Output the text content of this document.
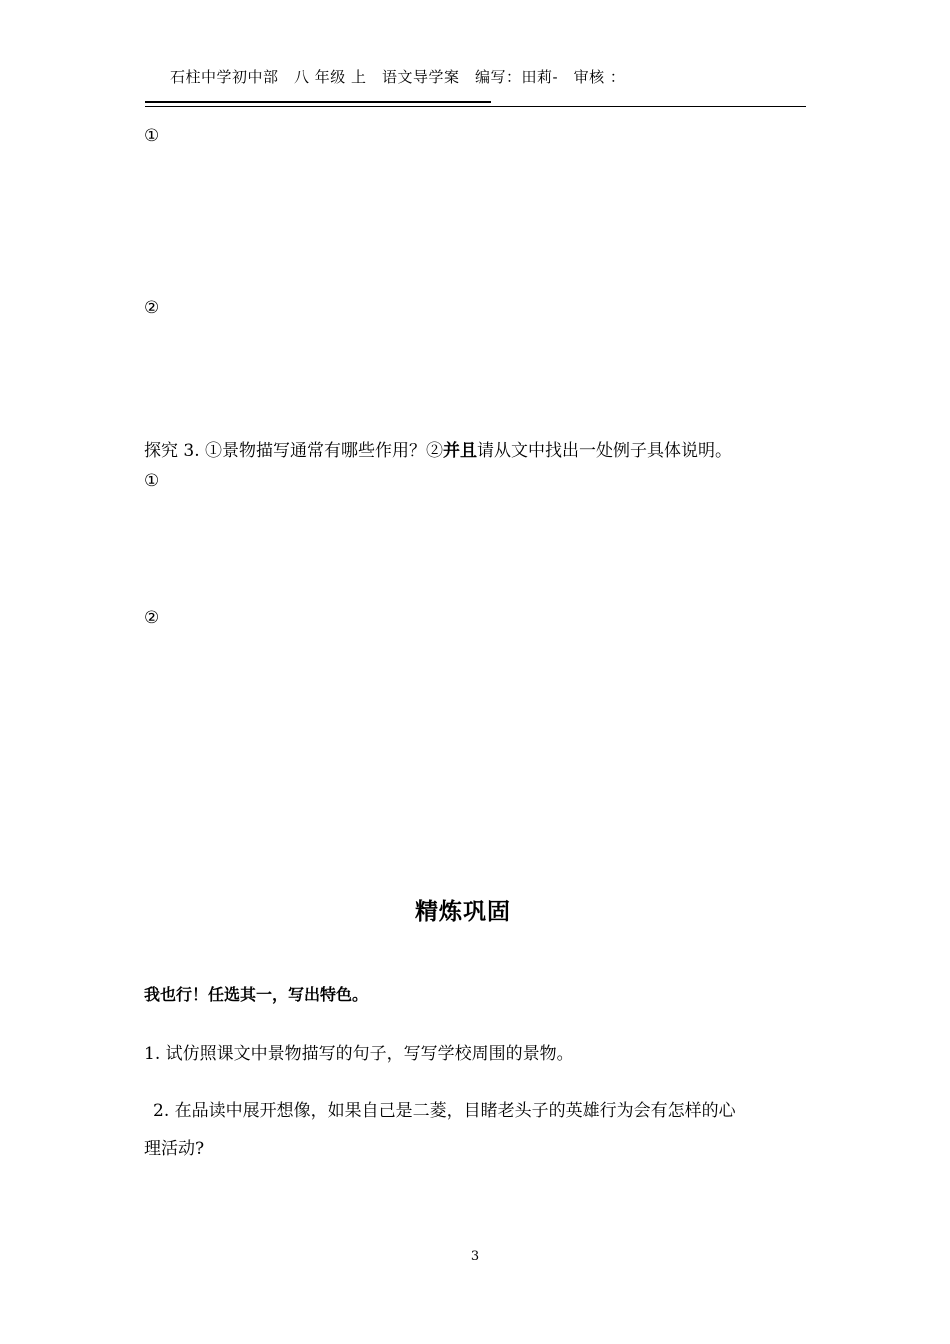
石柱中学初中部　八 年级 上　语文导学案　编写：田莉-　审核 ：
①
②
探究 3. ①景物描写通常有哪些作用？②并且请从文中找出一处例子具体说明。
①
②
精炼巩固
我也行！任选其一，写出特色。
1. 试仿照课文中景物描写的句子，写写学校周围的景物。
2. 在品读中展开想像，如果自己是二菱，目睹老头子的英雄行为会有怎样的心
理活动?
3
